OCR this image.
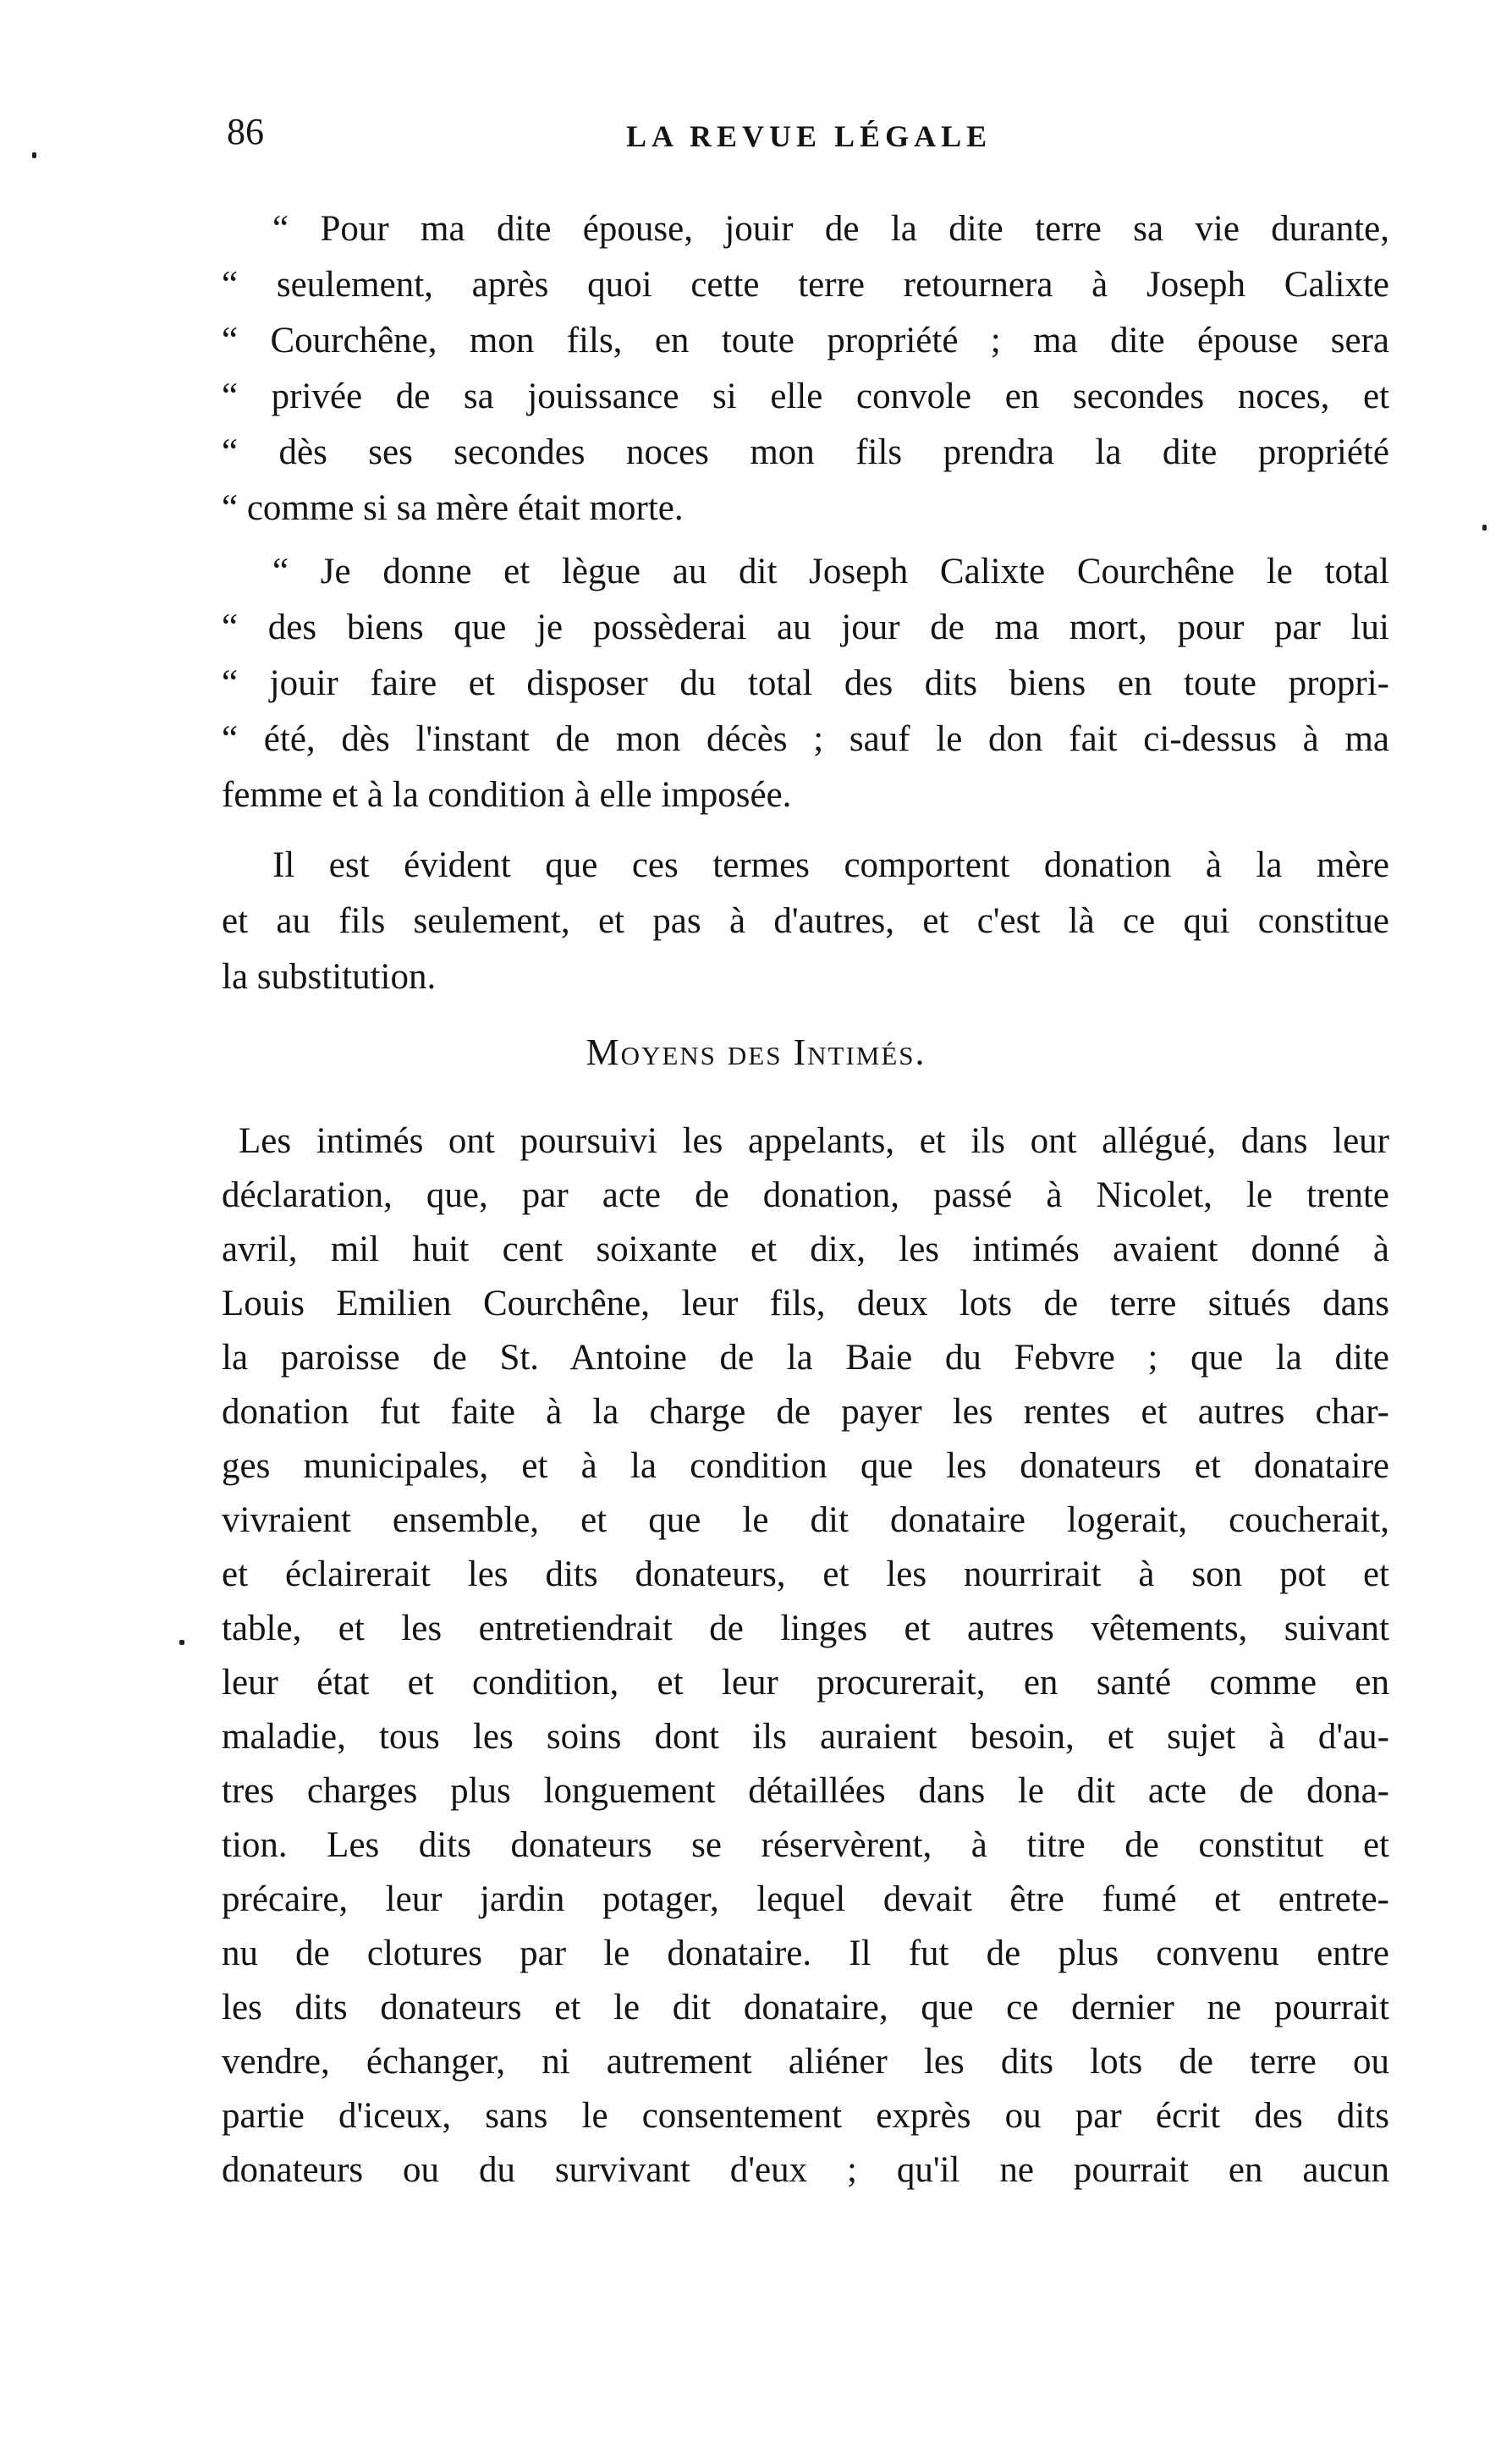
86	LA REVUE LÉGALE
“ Pour ma dite épouse, jouir de la dite terre sa vie durante,
“ seulement, après quoi cette terre retournera à Joseph Calixte
“ Courchêne, mon fils, en toute propriété ; ma dite épouse sera
“ privée de sa jouissance si elle convole en secondes noces, et
“ dès ses secondes noces mon fils prendra la dite propriété
“ comme si sa mère était morte.
“ Je donne et lègue au dit Joseph Calixte Courchêne le total
“ des biens que je possèderai au jour de ma mort, pour par lui
“ jouir faire et disposer du total des dits biens en toute propri-
“ été, dès l'instant de mon décès ; sauf le don fait ci-dessus à ma
femme et à la condition à elle imposée.
Il est évident que ces termes comportent donation à la mère
et au fils seulement, et pas à d'autres, et c'est là ce qui constitue
la substitution.
Moyens des Intimés.
Les intimés ont poursuivi les appelants, et ils ont allégué, dans leur
déclaration, que, par acte de donation, passé à Nicolet, le trente
avril, mil huit cent soixante et dix, les intimés avaient donné à
Louis Emilien Courchêne, leur fils, deux lots de terre situés dans
la paroisse de St. Antoine de la Baie du Febvre ; que la dite
donation fut faite à la charge de payer les rentes et autres char-
ges municipales, et à la condition que les donateurs et donataire
vivraient ensemble, et que le dit donataire logerait, coucherait,
et éclairerait les dits donateurs, et les nourrirait à son pot et
table, et les entretiendrait de linges et autres vêtements, suivant
leur état et condition, et leur procurerait, en santé comme en
maladie, tous les soins dont ils auraient besoin, et sujet à d'au-
tres charges plus longuement détaillées dans le dit acte de dona-
tion. Les dits donateurs se réservèrent, à titre de constitut et
précaire, leur jardin potager, lequel devait être fumé et entrete-
nu de clotures par le donataire. Il fut de plus convenu entre
les dits donateurs et le dit donataire, que ce dernier ne pourrait
vendre, échanger, ni autrement aliéner les dits lots de terre ou
partie d'iceux, sans le consentement exprès ou par écrit des dits
donateurs ou du survivant d'eux ; qu'il ne pourrait en aucun
